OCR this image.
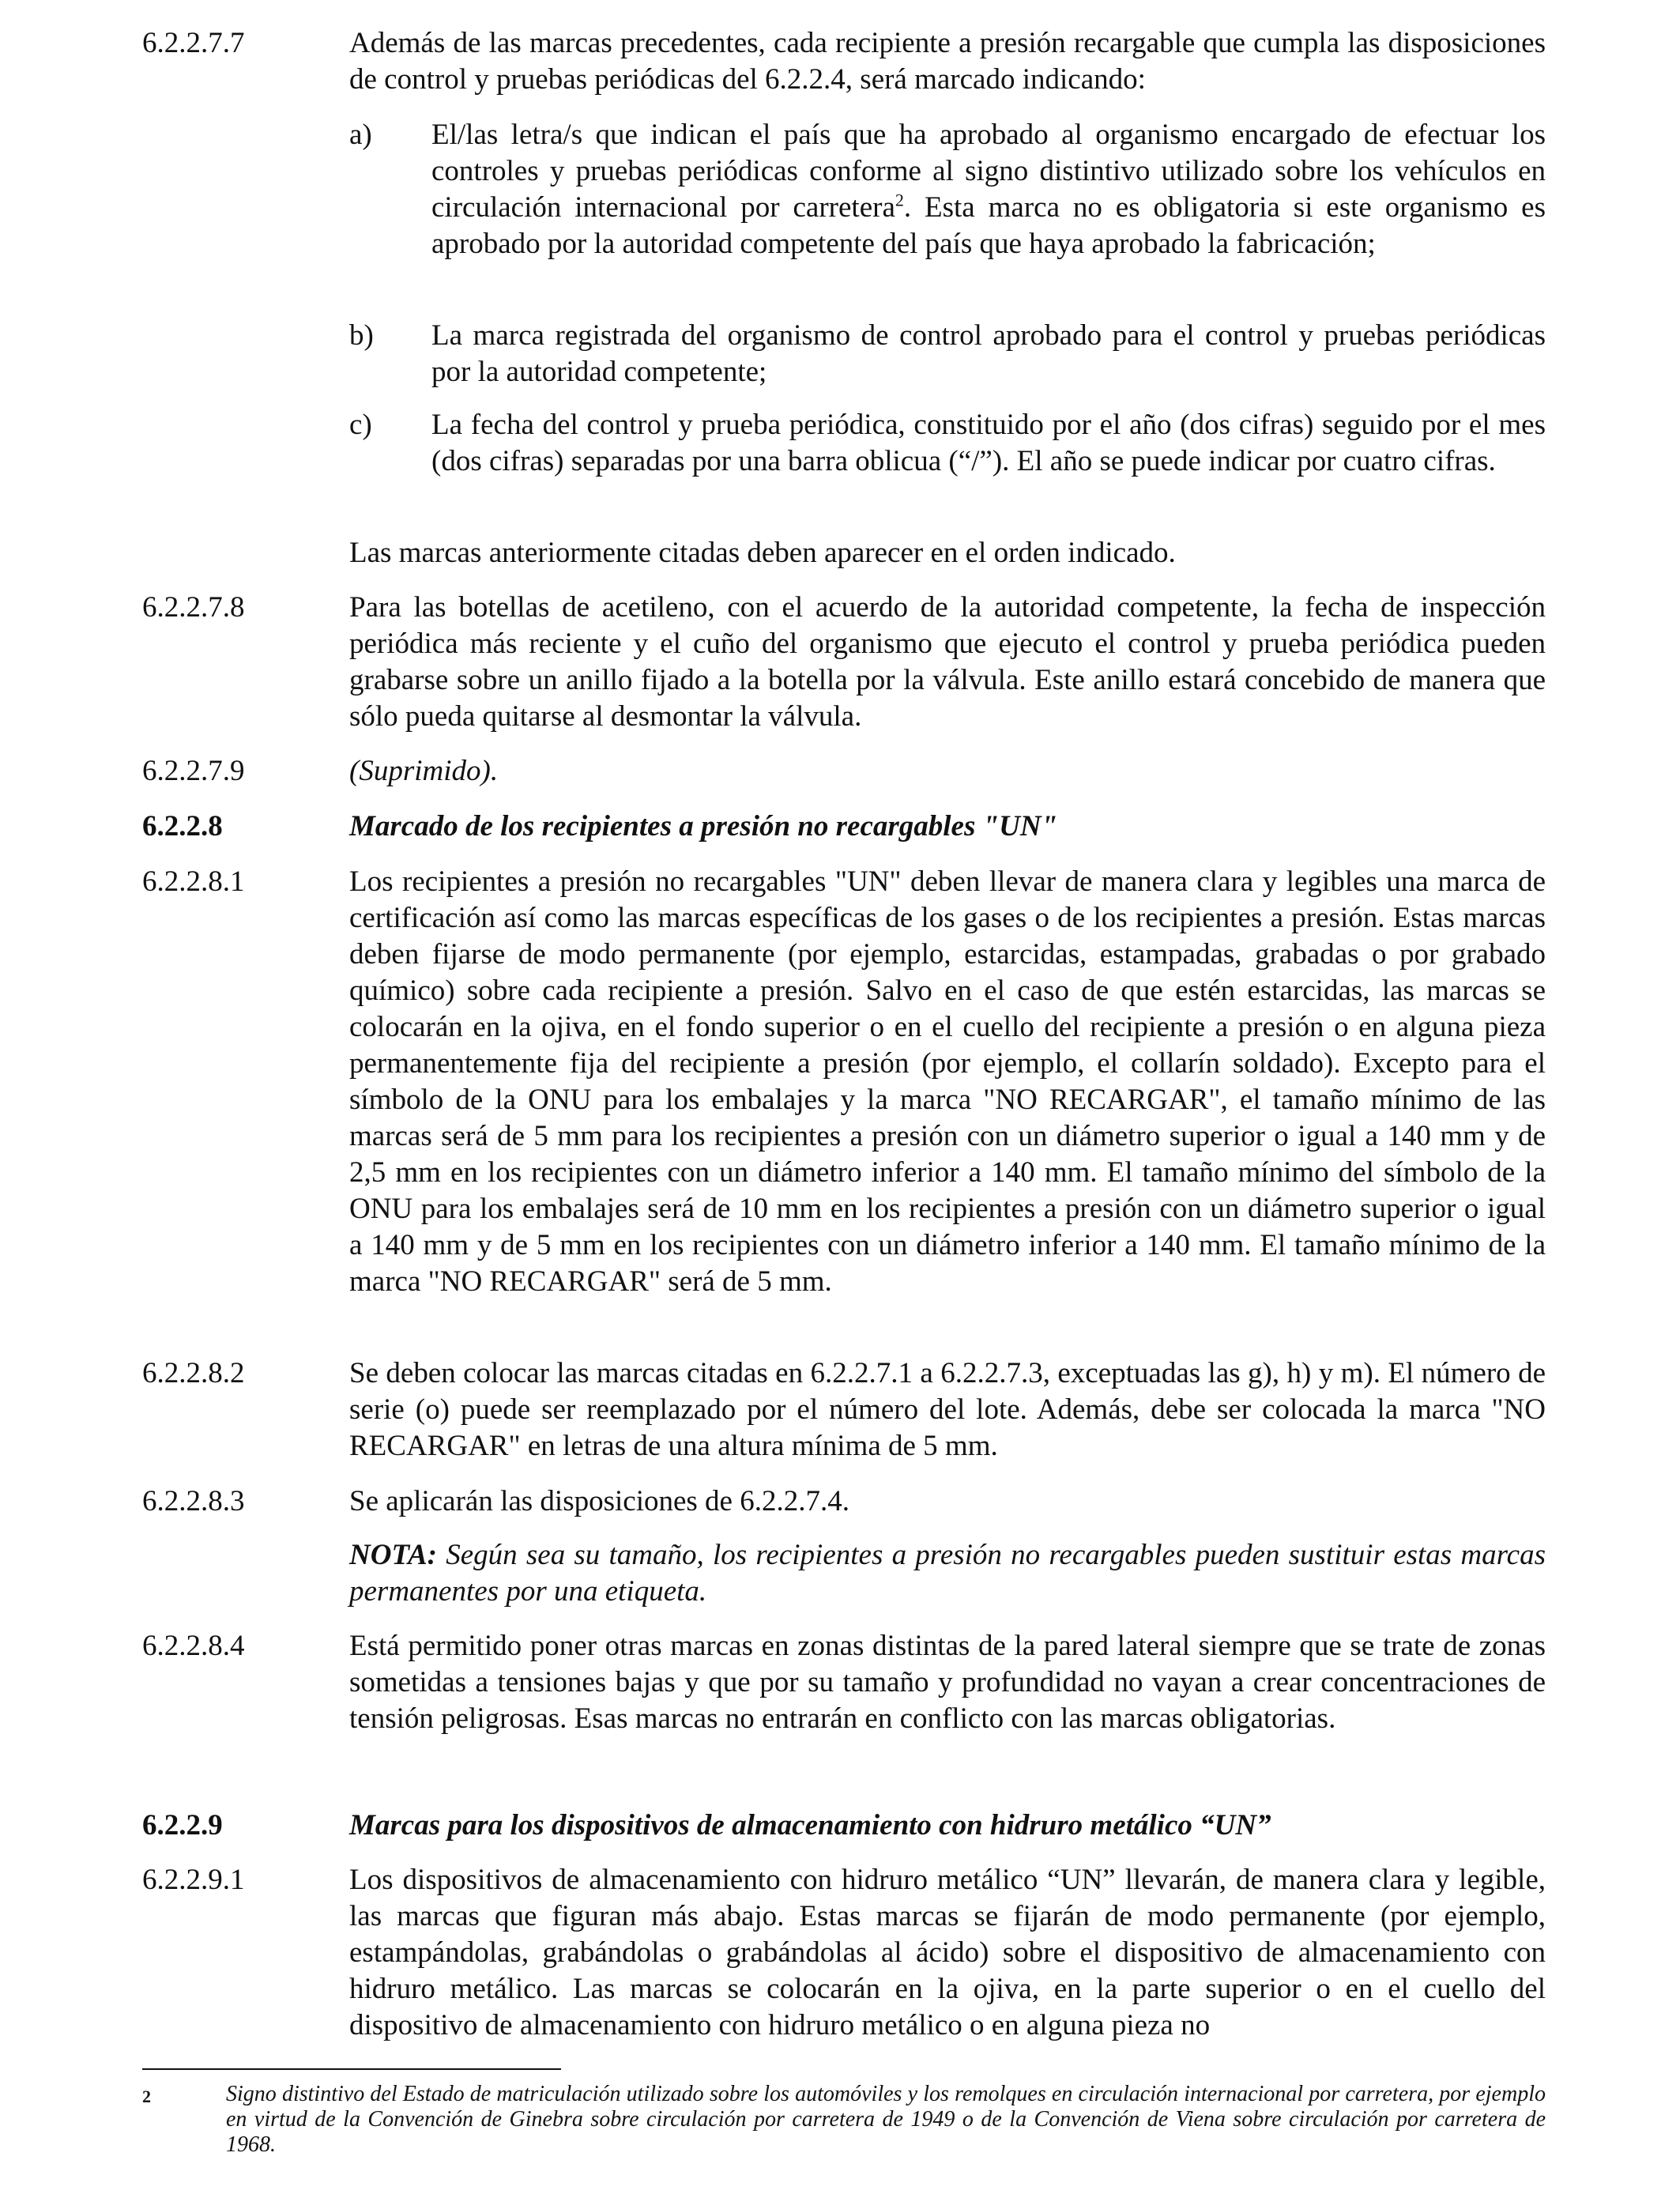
6.2.2.7.7	Además de las marcas precedentes, cada recipiente a presión recargable que cumpla las disposiciones de control y pruebas periódicas del 6.2.2.4, será marcado indicando:

a) El/las letra/s que indican el país que ha aprobado al organismo encargado de efectuar los controles y pruebas periódicas conforme al signo distintivo utilizado sobre los vehículos en circulación internacional por carretera$^2$. Esta marca no es obligatoria si este organismo es aprobado por la autoridad competente del país que haya aprobado la fabricación;

b) La marca registrada del organismo de control aprobado para el control y pruebas periódicas por la autoridad competente;

c) La fecha del control y prueba periódica, constituido por el año (dos cifras) seguido por el mes (dos cifras) separadas por una barra oblicua (“/”). El año se puede indicar por cuatro cifras.

Las marcas anteriormente citadas deben aparecer en el orden indicado.

6.2.2.7.8	Para las botellas de acetileno, con el acuerdo de la autoridad competente, la fecha de inspección periódica más reciente y el cuño del organismo que ejecuto el control y prueba periódica pueden grabarse sobre un anillo fijado a la botella por la válvula. Este anillo estará concebido de manera que sólo pueda quitarse al desmontar la válvula.

6.2.2.7.9	(Suprimido).

6.2.2.8	Marcado de los recipientes a presión no recargables "UN"

6.2.2.8.1	Los recipientes a presión no recargables "UN" deben llevar de manera clara y legibles una marca de certificación así como las marcas específicas de los gases o de los recipientes a presión. Estas marcas deben fijarse de modo permanente (por ejemplo, estarcidas, estampadas, grabadas o por grabado químico) sobre cada recipiente a presión. Salvo en el caso de que estén estarcidas, las marcas se colocarán en la ojiva, en el fondo superior o en el cuello del recipiente a presión o en alguna pieza permanentemente fija del recipiente a presión (por ejemplo, el collarín soldado). Excepto para el símbolo de la ONU para los embalajes y la marca "NO RECARGAR", el tamaño mínimo de las marcas será de 5 mm para los recipientes a presión con un diámetro superior o igual a 140 mm y de 2,5 mm en los recipientes con un diámetro inferior a 140 mm. El tamaño mínimo del símbolo de la ONU para los embalajes será de 10 mm en los recipientes a presión con un diámetro superior o igual a 140 mm y de 5 mm en los recipientes con un diámetro inferior a 140 mm. El tamaño mínimo de la marca "NO RECARGAR" será de 5 mm.

6.2.2.8.2	Se deben colocar las marcas citadas en 6.2.2.7.1 a 6.2.2.7.3, exceptuadas las g), h) y m). El número de serie (o) puede ser reemplazado por el número del lote. Además, debe ser colocada la marca "NO RECARGAR" en letras de una altura mínima de 5 mm.

6.2.2.8.3	Se aplicarán las disposiciones de 6.2.2.7.4.

NOTA: Según sea su tamaño, los recipientes a presión no recargables pueden sustituir estas marcas permanentes por una etiqueta.

6.2.2.8.4	Está permitido poner otras marcas en zonas distintas de la pared lateral siempre que se trate de zonas sometidas a tensiones bajas y que por su tamaño y profundidad no vayan a crear concentraciones de tensión peligrosas. Esas marcas no entrarán en conflicto con las marcas obligatorias.

6.2.2.9	Marcas para los dispositivos de almacenamiento con hidruro metálico “UN”

6.2.2.9.1	Los dispositivos de almacenamiento con hidruro metálico “UN” llevarán, de manera clara y legible, las marcas que figuran más abajo. Estas marcas se fijarán de modo permanente (por ejemplo, estampándolas, grabándolas o grabándolas al ácido) sobre el dispositivo de almacenamiento con hidruro metálico. Las marcas se colocarán en la ojiva, en la parte superior o en el cuello del dispositivo de almacenamiento con hidruro metálico o en alguna pieza no

2	Signo distintivo del Estado de matriculación utilizado sobre los automóviles y los remolques en circulación internacional por carretera, por ejemplo en virtud de la Convención de Ginebra sobre circulación por carretera de 1949 o de la Convención de Viena sobre circulación por carretera de 1968.
